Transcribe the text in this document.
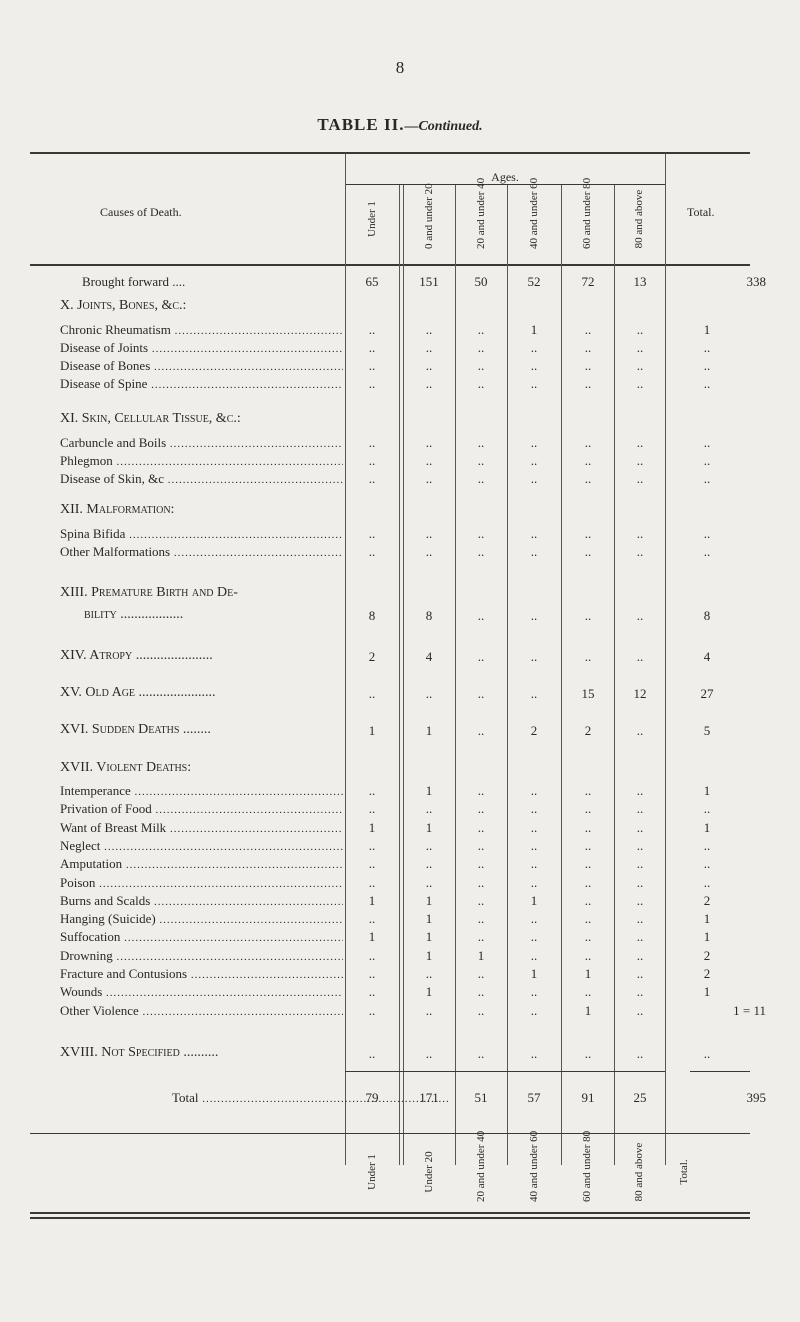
8
TABLE II.—Continued.
Ages.
Causes of Death.	Total.
Under 1	0 and under 20	20 and under 40	40 and under 60	60 and under 80	80 and above
Brought forward ....	65	151	50	52	72	13	338
X. Joints, Bones, &c.:
Chronic Rheumatism .....	..	..	..	1	..	..	1
Disease of Joints .....	..	..	..	..	..	..	..
Disease of Bones .....	..	..	..	..	..	..	..
Disease of Spine .....	..	..	..	..	..	..	..
XI. Skin, Cellular Tissue, &c.:
Carbuncle and Boils .....	..	..	..	..	..	..	..
Phlegmon .....	..	..	..	..	..	..	..
Disease of Skin, &c .....	..	..	..	..	..	..	..
XII. Malformation:
Spina Bifida .....	..	..	..	..	..	..	..
Other Malformations .....	..	..	..	..	..	..	..
XIII. Premature Birth and De-
bility ..................	8	8	..	..	..	..	8
XIV. Atropy ......................	2	4	..	..	..	..	4
XV. Old Age ......................	..	..	..	..	15	12	27
XVI. Sudden Deaths ........	1	1	..	2	2	..	5
XVII. Violent Deaths:
Intemperance .....	..	1	..	..	..	..	1
Privation of Food .....	..	..	..	..	..	..	..
Want of Breast Milk .....	1	1	..	..	..	..	1
Neglect .....	..	..	..	..	..	..	..
Amputation .....	..	..	..	..	..	..	..
Poison .....	..	..	..	..	..	..	..
Burns and Scalds .....	1	1	..	1	..	..	2
Hanging (Suicide) .....	..	1	..	..	..	..	1
Suffocation .....	1	1	..	..	..	..	1
Drowning .....	..	1	1	..	..	..	2
Fracture and Contusions .....	..	..	..	1	1	..	2
Wounds .....	..	1	..	..	..	..	1
Other Violence .....	..	..	..	..	1	..	1 = 11
XVIII. Not Specified ..........	..	..	..	..	..	..	..
Total .....	79	171	51	57	91	25	395
Under 1	Under 20	20 and under 40	40 and under 60	60 and under 80	80 and above	Total.
